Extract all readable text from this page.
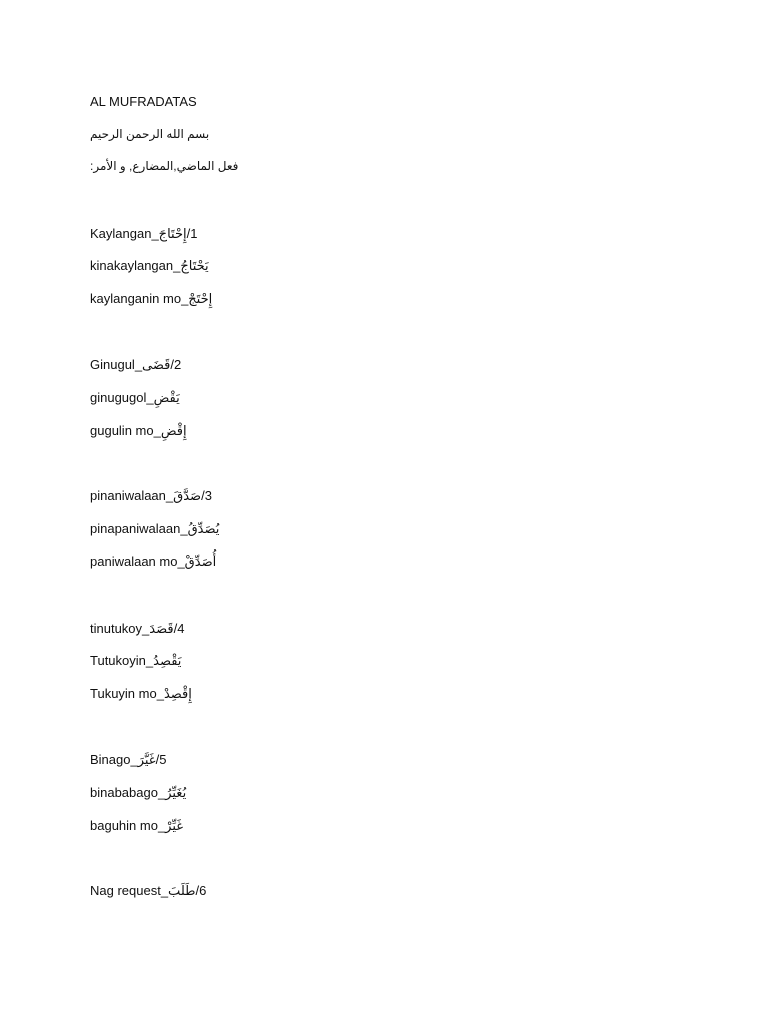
AL MUFRADATAS 
بسم الله الرحمن الرحيم
فعل الماضي,المضارع, و الأمر:
1/إِحْتَاجَ_Kaylangan
يَحْتَاجُ_kinakaylangan
إِحْتَجْ_kaylanganin mo
2/قَضَى_Ginugul
يَقْضِ_ginugugol
إِقْضِ_gugulin mo
3/صَدَّقَ_pinaniwalaan
يُصَدِّقُ_pinapaniwalaan
أُصَدِّقْ_paniwalaan mo
4/قَصَدَ_tinutukoy
يَقْصِدُ_Tutukoyin
إِقْصِدْ_Tukuyin mo
5/غَيَّرَ_Binago
يُغَيِّرُ_binababago
غَيِّرْ_baguhin mo
6/طَلَبَ_Nag request
